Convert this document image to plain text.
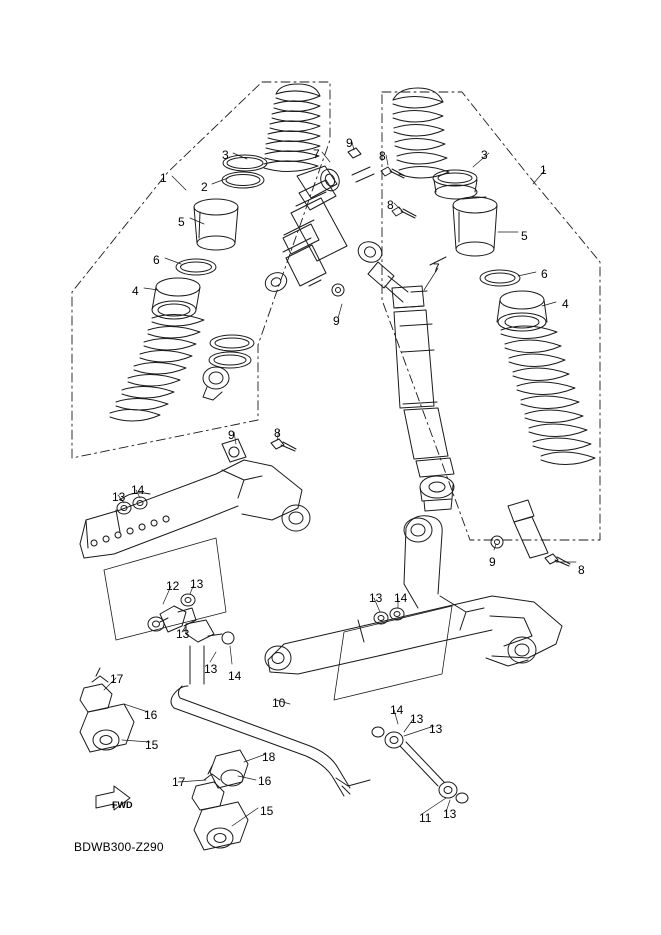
BDWB300-Z290
FWD
1
2
3
5
6
4
7
9
8
8
3
1
5
6
4
7
9
9	8
13 14
12 13
13
13 14
9
8
13 14
10	14
13
13
17
16
15
18
17	16
15	11 13
